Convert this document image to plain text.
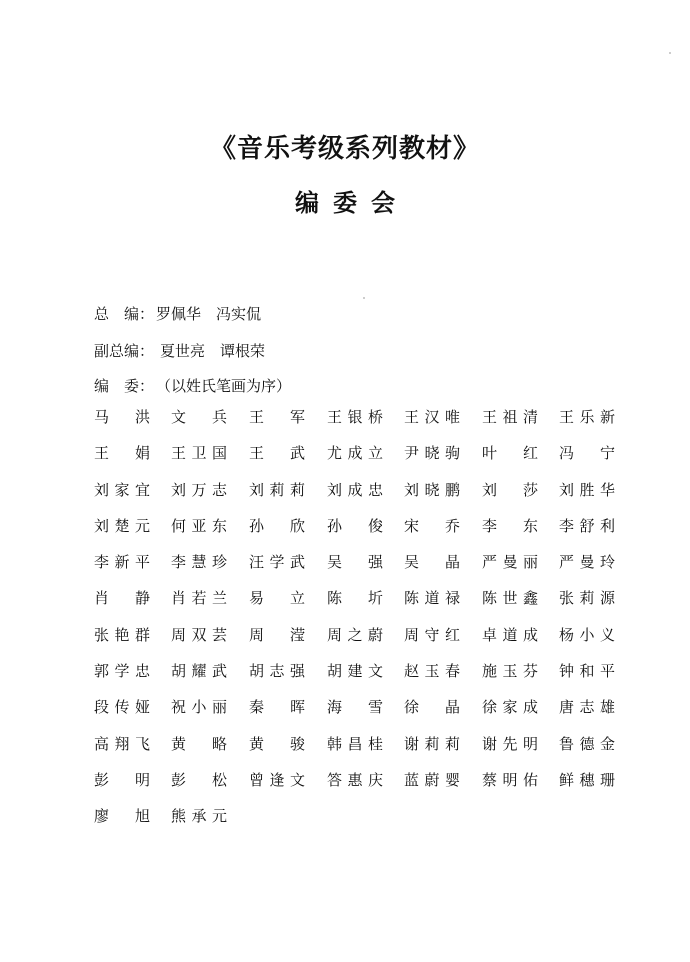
《音乐考级系列教材》
编委会
总　编： 罗佩华　冯实侃
副总编： 夏世亮　谭根荣
编　委： （以姓氏笔画为序）
马洪 文兵 王军 王银桥 王汉唯 王祖清 王乐新
王娟 王卫国 王武 尤成立 尹晓驹 叶红 冯宁
刘家宜 刘万志 刘莉莉 刘成忠 刘晓鹏 刘莎 刘胜华
刘楚元 何亚东 孙欣 孙俊 宋乔 李东 李舒利
李新平 李慧珍 汪学武 吴强 吴晶 严曼丽 严曼玲
肖静 肖若兰 易立 陈圻 陈道禄 陈世鑫 张莉源
张艳群 周双芸 周滢 周之蔚 周守红 卓道成 杨小义
郭学忠 胡耀武 胡志强 胡建文 赵玉春 施玉芬 钟和平
段传娅 祝小丽 秦晖 海雪 徐晶 徐家成 唐志雄
高翔飞 黄略 黄骏 韩昌桂 谢莉莉 谢先明 鲁德金
彭明 彭松 曾逢文 答惠庆 蓝蔚婴 蔡明佑 鲜穗珊
廖旭 熊承元
